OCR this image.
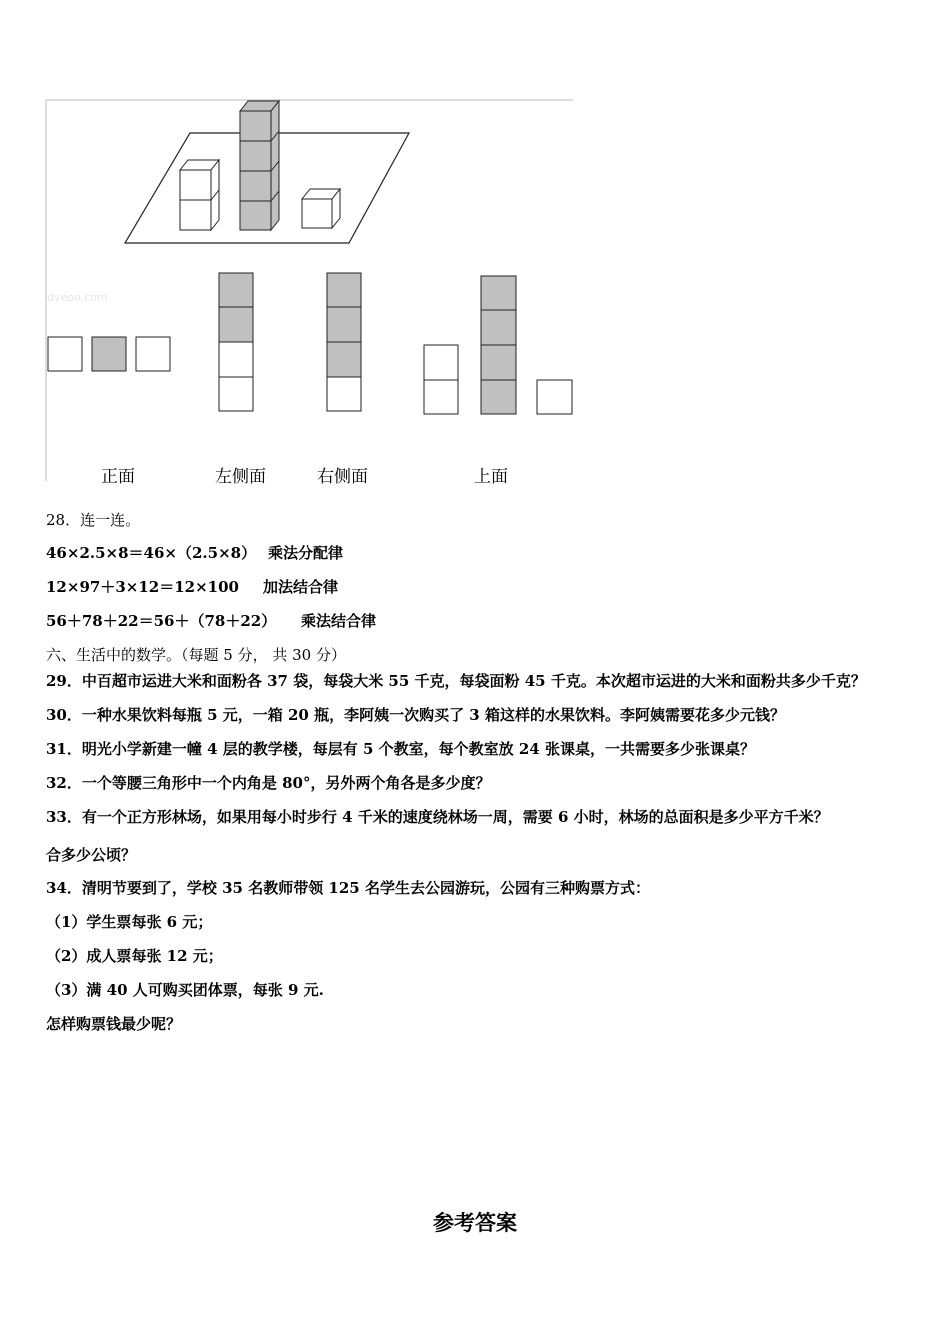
dyeoo.com
正面	左侧面	右侧面	上面
28．连一连。
46×2.5×8＝46×（2.5×8） 乘法分配律
12×97＋3×12＝12×100 加法结合律
56＋78＋22＝56＋（78＋22） 乘法结合律
六、生活中的数学。（每题 5 分， 共 30 分）
29．中百超市运进大米和面粉各 37 袋，每袋大米 55 千克，每袋面粉 45 千克。本次超市运进的大米和面粉共多少千克？
30．一种水果饮料每瓶 5 元，一箱 20 瓶，李阿姨一次购买了 3 箱这样的水果饮料。李阿姨需要花多少元钱？
31．明光小学新建一幢 4 层的教学楼，每层有 5 个教室，每个教室放 24 张课桌，一共需要多少张课桌？
32．一个等腰三角形中一个内角是 80°，另外两个角各是多少度？
33．有一个正方形林场，如果用每小时步行 4 千米的速度绕林场一周，需要 6 小时，林场的总面积是多少平方千米？
合多少公顷？
34．清明节要到了，学校 35 名教师带领 125 名学生去公园游玩，公园有三种购票方式：
（1）学生票每张 6 元；
（2）成人票每张 12 元；
（3）满 40 人可购买团体票，每张 9 元.
怎样购票钱最少呢？
参考答案
